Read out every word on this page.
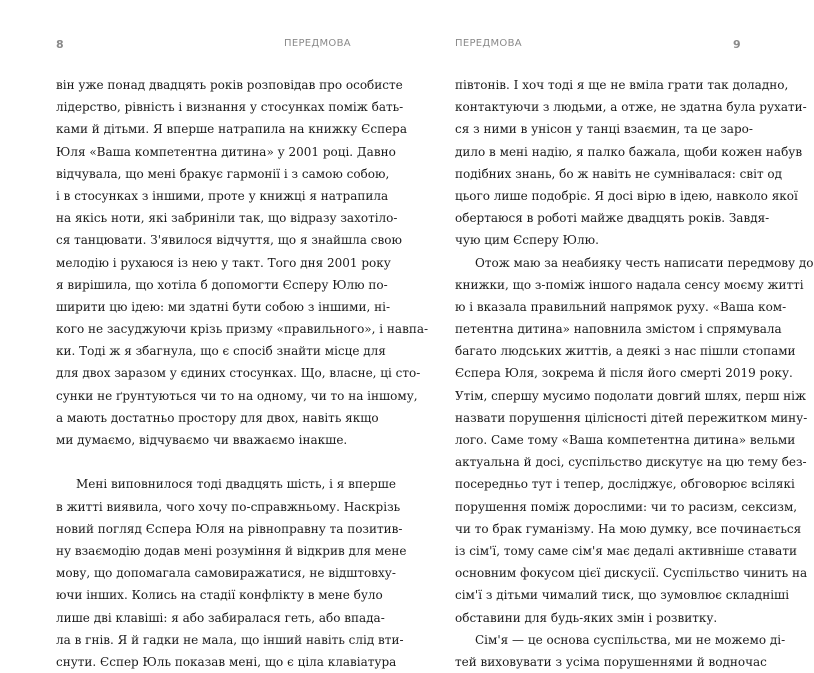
8	ПЕРЕДМОВА
він уже понад двадцять років розповідав про особисте
лідерство, рівність і визнання у стосунках поміж бать-
ками й дітьми. Я вперше натрапила на книжку Єспера
Юля «Ваша компетентна дитина» у 2001 році. Давно
відчувала, що мені бракує гармонії і з самою собою,
і в стосунках з іншими, проте у книжці я натрапила
на якісь ноти, які забриніли так, що відразу захотіло-
ся танцювати. З'явилося відчуття, що я знайшла свою
мелодію і рухаюся із нею у такт. Того дня 2001 року
я вирішила, що хотіла б допомогти Єсперу Юлю по-
ширити цю ідею: ми здатні бути собою з іншими, ні-
кого не засуджуючи крізь призму «правильного», і навпа-
ки. Тоді ж я збагнула, що є спосіб знайти місце для
для двох заразом у єдиних стосунках. Що, власне, ці сто-
сунки не ґрунтуються чи то на одному, чи то на іншому,
а мають достатньо простору для двох, навіть якщо
ми думаємо, відчуваємо чи вважаємо інакше.
Мені виповнилося тоді двадцять шість, і я вперше
в житті виявила, чого хочу по-справжньому. Наскрізь
новий погляд Єспера Юля на рівноправну та позитив-
ну взаємодію додав мені розуміння й відкрив для мене
мову, що допомагала самовиражатися, не відштовху-
ючи інших. Колись на стадії конфлікту в мене було
лише дві клавіші: я або забиралася геть, або впада-
ла в гнів. Я й гадки не мала, що інший навіть слід вти-
снути. Єспер Юль показав мені, що є ціла клавіатура
ПЕРЕДМОВА	9
півтонів. І хоч тоді я ще не вміла грати так доладно,
контактуючи з людьми, а отже, не здатна була рухати-
ся з ними в унісон у танці взаємин, та це заро-
дило в мені надію, я палко бажала, щоби кожен набув
подібних знань, бо ж навіть не сумнівалася: світ од
цього лише подобріє. Я досі вірю в ідею, навколо якої
обертаюся в роботі майже двадцять років. Завдя-
чую цим Єсперу Юлю.
Отож маю за неабияку честь написати передмову до
книжки, що з-поміж іншого надала сенсу моєму житті
ю і вказала правильний напрямок руху. «Ваша ком-
петентна дитина» наповнила змістом і спрямувала
багато людських життів, а деякі з нас пішли стопами
Єспера Юля, зокрема й після його смерті 2019 року.
Утім, спершу мусимо подолати довгий шлях, перш ніж
назвати порушення цілісності дітей пережитком мину-
лого. Саме тому «Ваша компетентна дитина» вельми
актуальна й досі, суспільство дискутує на цю тему без-
посередньо тут і тепер, досліджує, обговорює всілякі
порушення поміж дорослими: чи то расизм, сексизм,
чи то брак гуманізму. На мою думку, все починається
із сім'ї, тому саме сім'я має дедалі активніше ставати
основним фокусом цієї дискусії. Суспільство чинить на
сім'ї з дітьми чималий тиск, що зумовлює складніші
обставини для будь-яких змін і розвитку.
Сім'я — це основа суспільства, ми не можемо ді-
тей виховувати з усіма порушеннями й водночас
